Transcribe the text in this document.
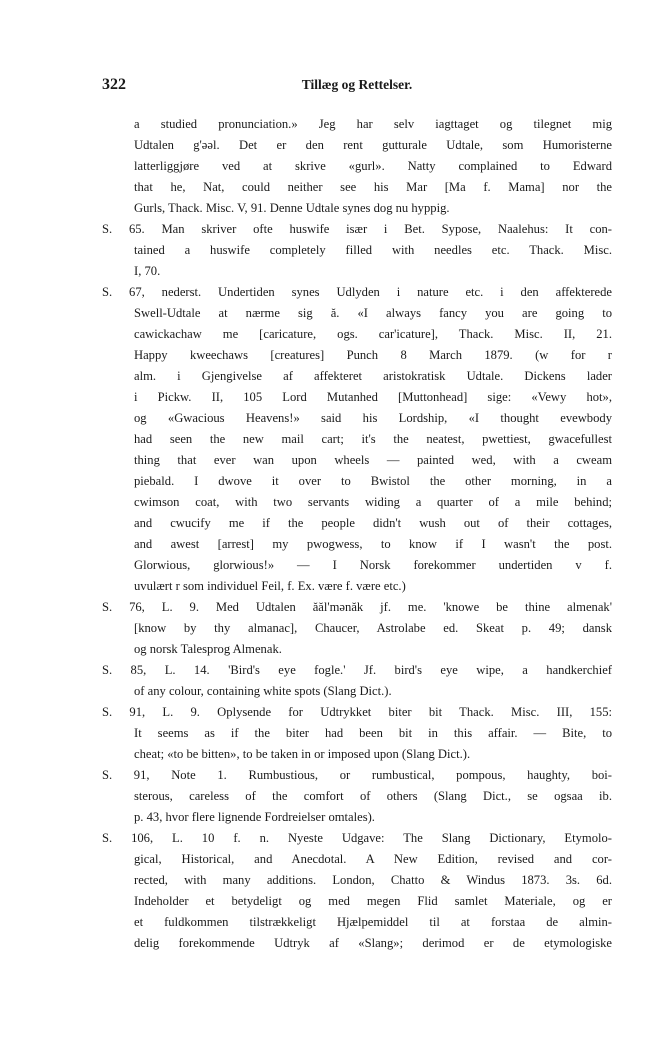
322	Tillæg og Rettelser.
a studied pronunciation.» Jeg har selv iagttaget og tilegnet mig
Udtalen g'əəl. Det er den rent gutturale Udtale, som Humoristerne
latterliggjøre ved at skrive «gurl». Natty complained to Edward
that he, Nat, could neither see his Mar [Ma f. Mama] nor the
Gurls, Thack. Misc. V, 91. Denne Udtale synes dog nu hyppig.
S. 65. Man skriver ofte huswife især i Bet. Sypose, Naalehus: It con-
tained a huswife completely filled with needles etc. Thack. Misc.
I, 70.
S. 67, nederst. Undertiden synes Udlyden i nature etc. i den affekterede
Swell-Udtale at nærme sig ă. «I always fancy you are going to
cawickachaw me [caricature, ogs. car'icature], Thack. Misc. II, 21.
Happy kweechaws [creatures] Punch 8 March 1879. (w for r
alm. i Gjengivelse af affekteret aristokratisk Udtale. Dickens lader
i Pickw. II, 105 Lord Mutanhed [Muttonhead] sige: «Vewy hot»,
og «Gwacious Heavens!» said his Lordship, «I thought evewbody
had seen the new mail cart; it's the neatest, pwettiest, gwacefullest
thing that ever wan upon wheels — painted wed, with a cweam
piebald. I dwove it over to Bwistol the other morning, in a
cwimson coat, with two servants widing a quarter of a mile behind;
and cwucify me if the people didn't wush out of their cottages,
and awest [arrest] my pwogwess, to know if I wasn't the post.
Glorwious, glorwious!» — I Norsk forekommer undertiden v f.
uvulært r som individuel Feil, f. Ex. være f. være etc.)
S. 76, L. 9. Med Udtalen ăăl'mənăk jf. me. 'knowe be thine almenak'
[know by thy almanac], Chaucer, Astrolabe ed. Skeat p. 49; dansk
og norsk Talesprog Almenak.
S. 85, L. 14. 'Bird's eye fogle.' Jf. bird's eye wipe, a handkerchief
of any colour, containing white spots (Slang Dict.).
S. 91, L. 9. Oplysende for Udtrykket biter bit Thack. Misc. III, 155:
It seems as if the biter had been bit in this affair. — Bite, to
cheat; «to be bitten», to be taken in or imposed upon (Slang Dict.).
S. 91, Note 1. Rumbustious, or rumbustical, pompous, haughty, boi-
sterous, careless of the comfort of others (Slang Dict., se ogsaa ib.
p. 43, hvor flere lignende Fordreielser omtales).
S. 106, L. 10 f. n. Nyeste Udgave: The Slang Dictionary, Etymolo-
gical, Historical, and Anecdotal. A New Edition, revised and cor-
rected, with many additions. London, Chatto & Windus 1873. 3s. 6d.
Indeholder et betydeligt og med megen Flid samlet Materiale, og er
et fuldkommen tilstrækkeligt Hjælpemiddel til at forstaa de almin-
delig forekommende Udtryk af «Slang»; derimod er de etymologiske
